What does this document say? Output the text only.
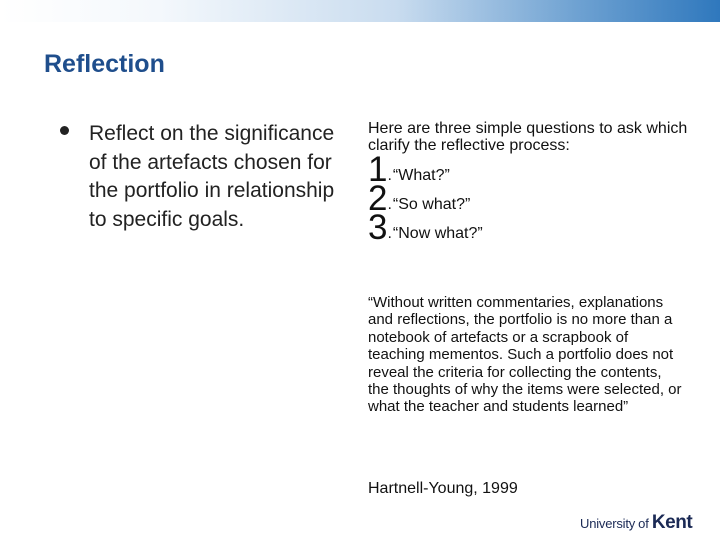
Reflection
Reflect on the significance of the artefacts chosen for the portfolio in relationship to specific goals.

Here are three simple questions to ask which clarify the reflective process:

1 . “What?”
2 . “So what?”
3 . “Now what?”

“Without written commentaries, explanations and reflections, the portfolio is no more than a notebook of artefacts or a scrapbook of teaching mementos. Such a portfolio does not reveal the criteria for collecting the contents, the thoughts of why the items were selected, or what the teacher and students learned”

Hartnell-Young, 1999

University of Kent
